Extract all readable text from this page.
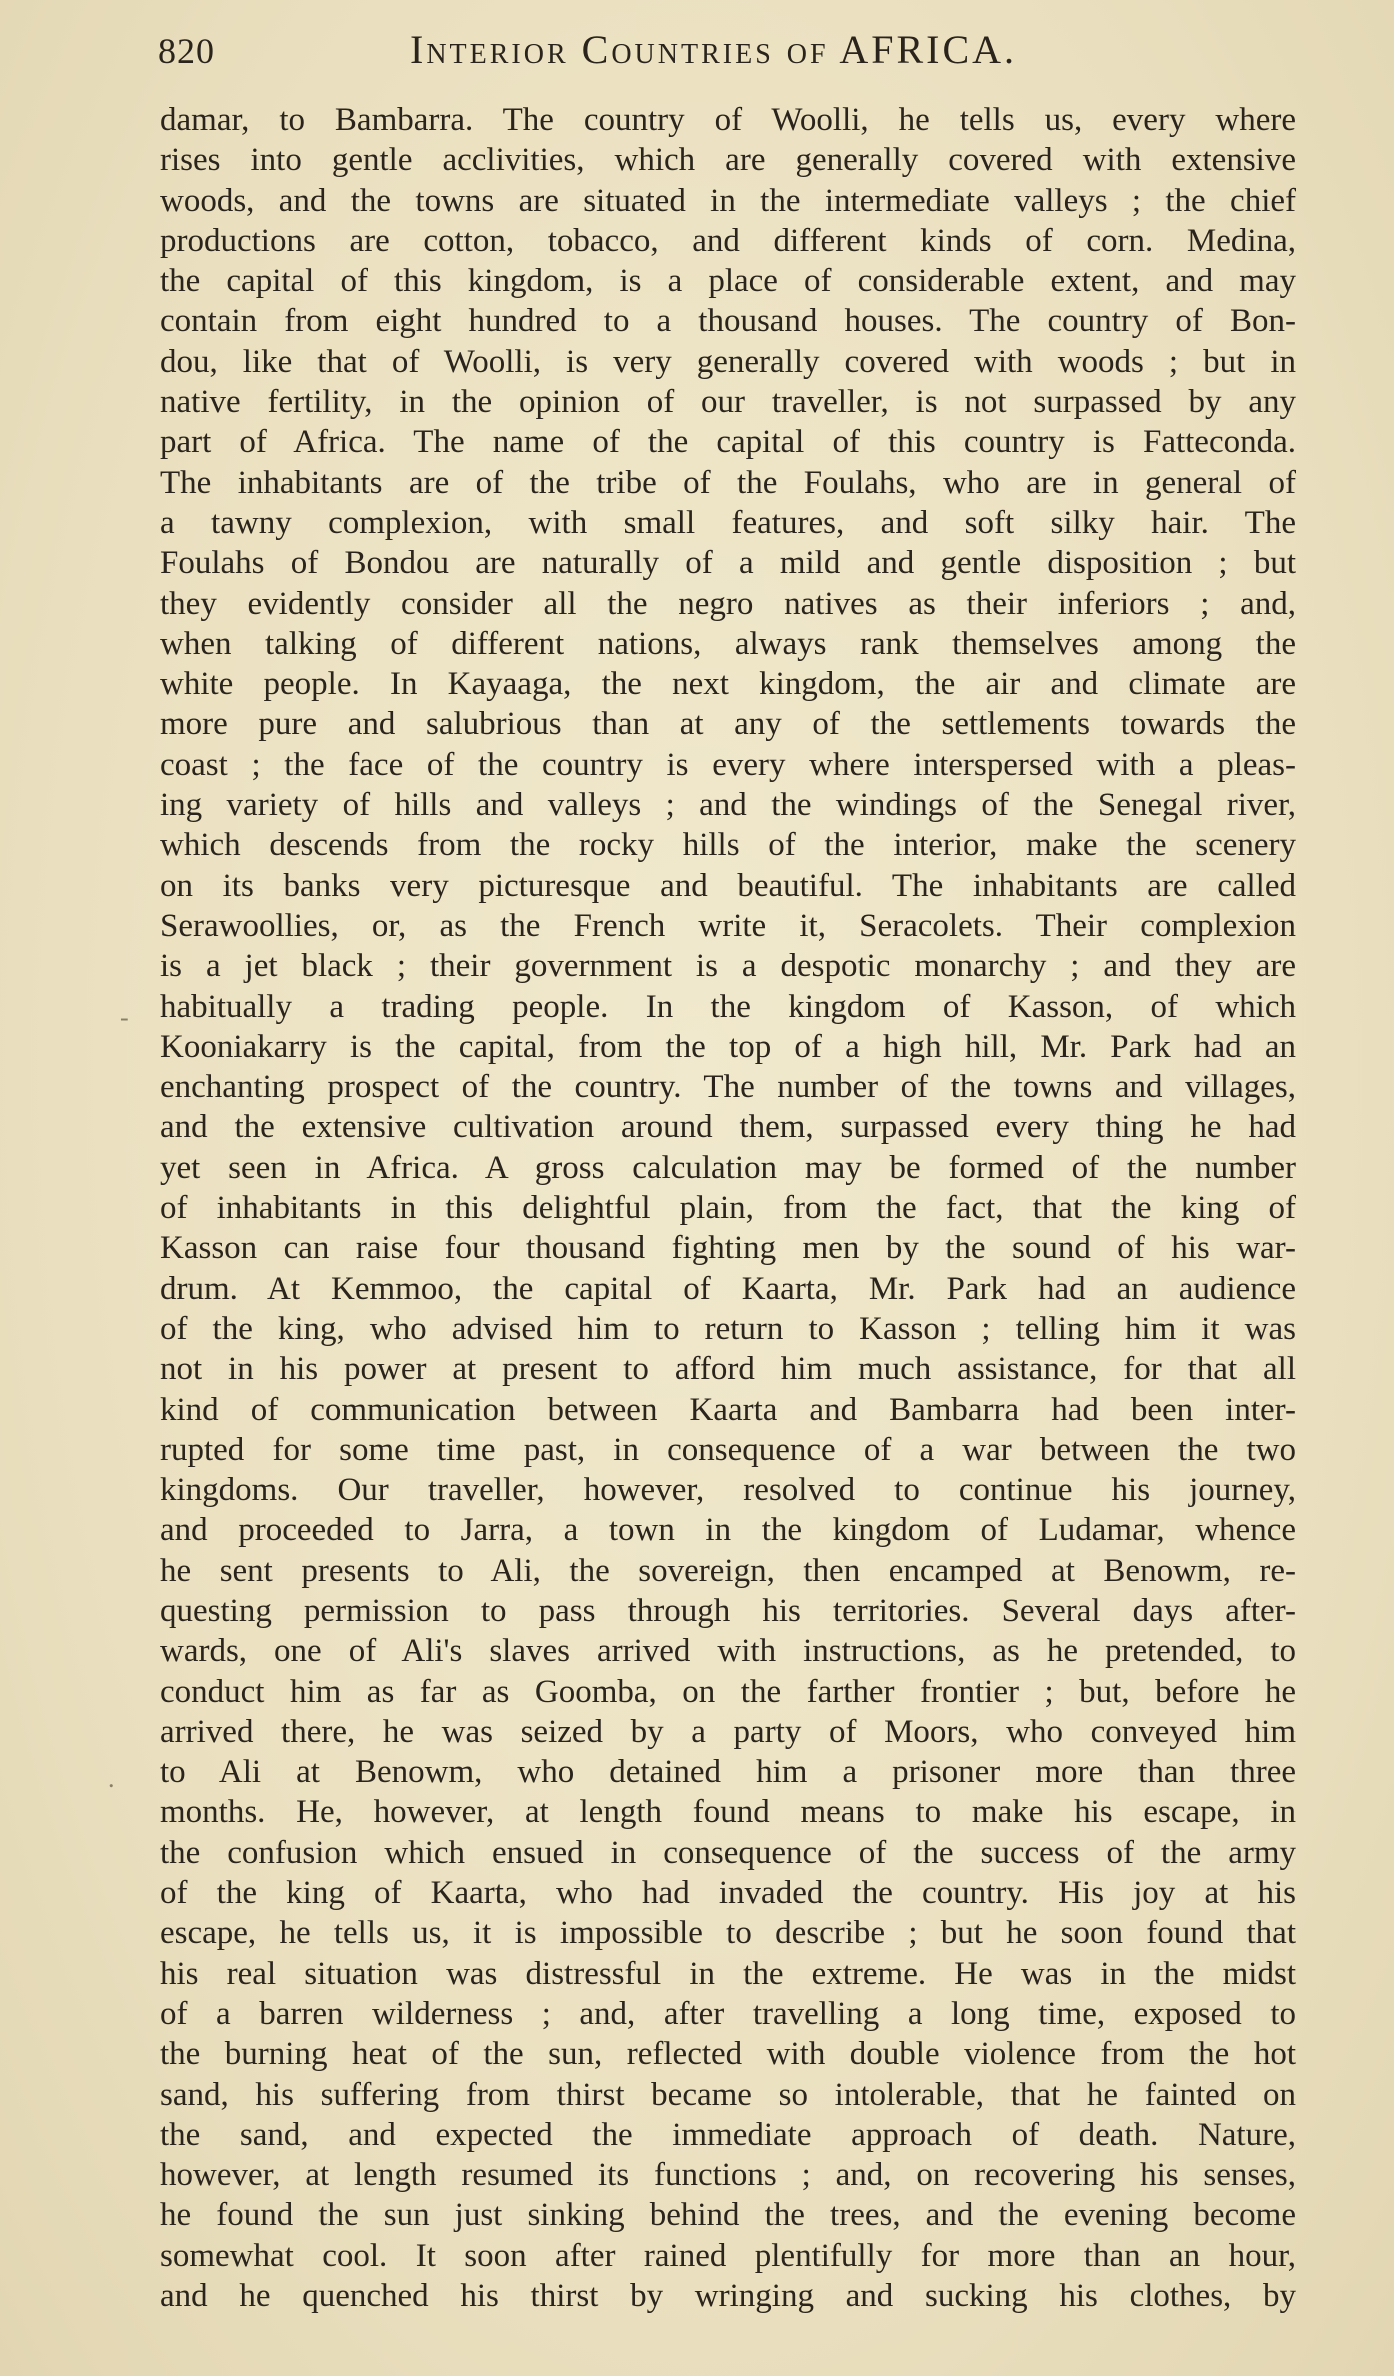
820	Interior Countries of AFRICA.
-
.
damar, to Bambarra. The country of Woolli, he tells us, every where
rises into gentle acclivities, which are generally covered with extensive
woods, and the towns are situated in the intermediate valleys ; the chief
productions are cotton, tobacco, and different kinds of corn. Medina,
the capital of this kingdom, is a place of considerable extent, and may
contain from eight hundred to a thousand houses. The country of Bon-
dou, like that of Woolli, is very generally covered with woods ; but in
native fertility, in the opinion of our traveller, is not surpassed by any
part of Africa. The name of the capital of this country is Fatteconda.
The inhabitants are of the tribe of the Foulahs, who are in general of
a tawny complexion, with small features, and soft silky hair. The
Foulahs of Bondou are naturally of a mild and gentle disposition ; but
they evidently consider all the negro natives as their inferiors ; and,
when talking of different nations, always rank themselves among the
white people. In Kayaaga, the next kingdom, the air and climate are
more pure and salubrious than at any of the settlements towards the
coast ; the face of the country is every where interspersed with a pleas-
ing variety of hills and valleys ; and the windings of the Senegal river,
which descends from the rocky hills of the interior, make the scenery
on its banks very picturesque and beautiful. The inhabitants are called
Serawoollies, or, as the French write it, Seracolets. Their complexion
is a jet black ; their government is a despotic monarchy ; and they are
habitually a trading people. In the kingdom of Kasson, of which
Kooniakarry is the capital, from the top of a high hill, Mr. Park had an
enchanting prospect of the country. The number of the towns and villages,
and the extensive cultivation around them, surpassed every thing he had
yet seen in Africa. A gross calculation may be formed of the number
of inhabitants in this delightful plain, from the fact, that the king of
Kasson can raise four thousand fighting men by the sound of his war-
drum. At Kemmoo, the capital of Kaarta, Mr. Park had an audience
of the king, who advised him to return to Kasson ; telling him it was
not in his power at present to afford him much assistance, for that all
kind of communication between Kaarta and Bambarra had been inter-
rupted for some time past, in consequence of a war between the two
kingdoms. Our traveller, however, resolved to continue his journey,
and proceeded to Jarra, a town in the kingdom of Ludamar, whence
he sent presents to Ali, the sovereign, then encamped at Benowm, re-
questing permission to pass through his territories. Several days after-
wards, one of Ali's slaves arrived with instructions, as he pretended, to
conduct him as far as Goomba, on the farther frontier ; but, before he
arrived there, he was seized by a party of Moors, who conveyed him
to Ali at Benowm, who detained him a prisoner more than three
months. He, however, at length found means to make his escape, in
the confusion which ensued in consequence of the success of the army
of the king of Kaarta, who had invaded the country. His joy at his
escape, he tells us, it is impossible to describe ; but he soon found that
his real situation was distressful in the extreme. He was in the midst
of a barren wilderness ; and, after travelling a long time, exposed to
the burning heat of the sun, reflected with double violence from the hot
sand, his suffering from thirst became so intolerable, that he fainted on
the sand, and expected the immediate approach of death. Nature,
however, at length resumed its functions ; and, on recovering his senses,
he found the sun just sinking behind the trees, and the evening become
somewhat cool. It soon after rained plentifully for more than an hour,
and he quenched his thirst by wringing and sucking his clothes, by
